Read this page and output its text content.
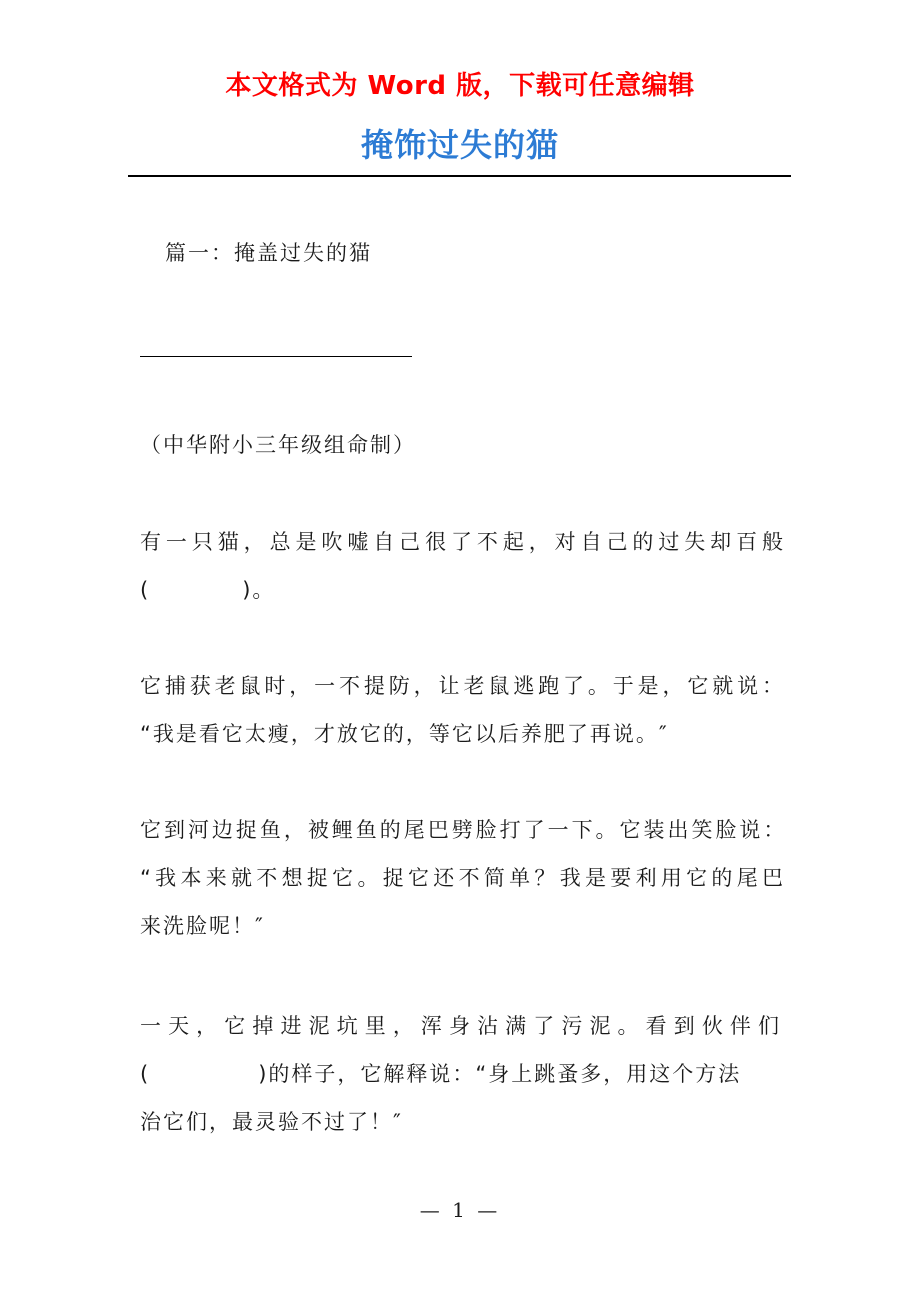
本文格式为 Word 版，下载可任意编辑
掩饰过失的猫
篇一：掩盖过失的猫
（中华附小三年级组命制）
有一只猫，总是吹嘘自己很了不起，对自己的过失却百般
(	)。
它捕获老鼠时，一不提防，让老鼠逃跑了。于是，它就说：
“我是看它太瘦，才放它的，等它以后养肥了再说。″
它到河边捉鱼，被鲤鱼的尾巴劈脸打了一下。它装出笑脸说：
“我本来就不想捉它。捉它还不简单？我是要利用它的尾巴
来洗脸呢！″
一天，它掉进泥坑里，浑身沾满了污泥。看到伙伴们
(	)的样子，它解释说：“身上跳蚤多，用这个方法
治它们，最灵验不过了！″
— 1 —
